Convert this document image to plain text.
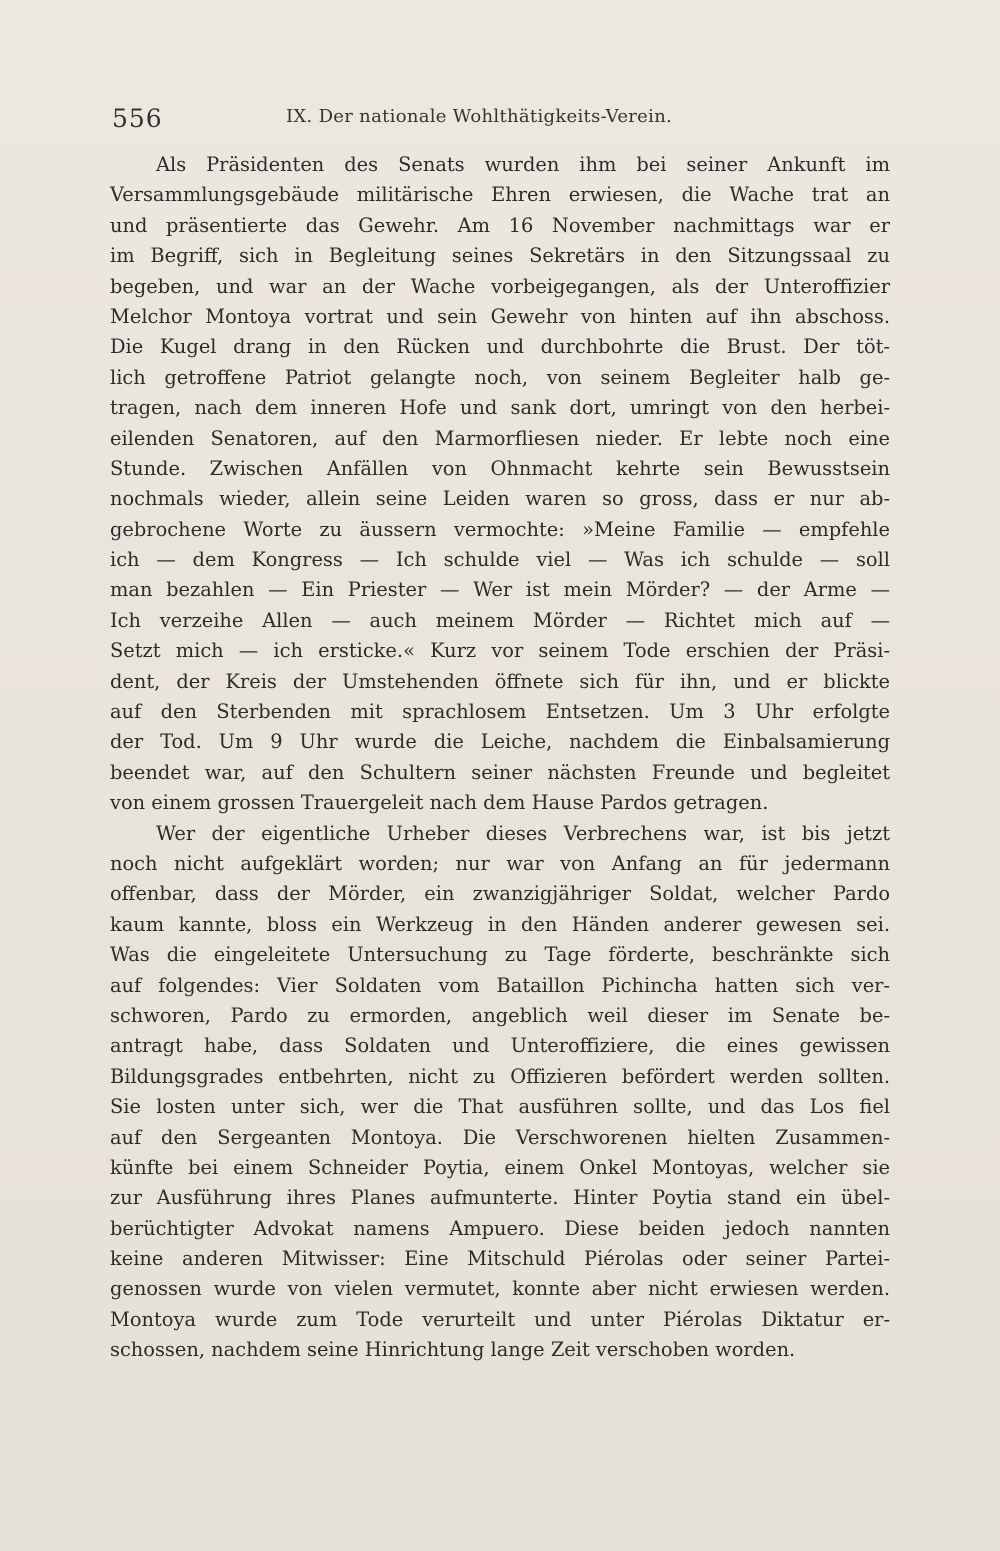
556	IX. Der nationale Wohlthätigkeits-Verein.
Als Präsidenten des Senats wurden ihm bei seiner Ankunft im
Versammlungsgebäude militärische Ehren erwiesen, die Wache trat an
und präsentierte das Gewehr. Am 16 November nachmittags war er
im Begriff, sich in Begleitung seines Sekretärs in den Sitzungssaal zu
begeben, und war an der Wache vorbeigegangen, als der Unteroffizier
Melchor Montoya vortrat und sein Gewehr von hinten auf ihn abschoss.
Die Kugel drang in den Rücken und durchbohrte die Brust. Der töt-
lich getroffene Patriot gelangte noch, von seinem Begleiter halb ge-
tragen, nach dem inneren Hofe und sank dort, umringt von den herbei-
eilenden Senatoren, auf den Marmorfliesen nieder. Er lebte noch eine
Stunde. Zwischen Anfällen von Ohnmacht kehrte sein Bewusstsein
nochmals wieder, allein seine Leiden waren so gross, dass er nur ab-
gebrochene Worte zu äussern vermochte: »Meine Familie — empfehle
ich — dem Kongress — Ich schulde viel — Was ich schulde — soll
man bezahlen — Ein Priester — Wer ist mein Mörder? — der Arme —
Ich verzeihe Allen — auch meinem Mörder — Richtet mich auf —
Setzt mich — ich ersticke.« Kurz vor seinem Tode erschien der Präsi-
dent, der Kreis der Umstehenden öffnete sich für ihn, und er blickte
auf den Sterbenden mit sprachlosem Entsetzen. Um 3 Uhr erfolgte
der Tod. Um 9 Uhr wurde die Leiche, nachdem die Einbalsamierung
beendet war, auf den Schultern seiner nächsten Freunde und begleitet
von einem grossen Trauergeleit nach dem Hause Pardos getragen.
Wer der eigentliche Urheber dieses Verbrechens war, ist bis jetzt
noch nicht aufgeklärt worden; nur war von Anfang an für jedermann
offenbar, dass der Mörder, ein zwanzigjähriger Soldat, welcher Pardo
kaum kannte, bloss ein Werkzeug in den Händen anderer gewesen sei.
Was die eingeleitete Untersuchung zu Tage förderte, beschränkte sich
auf folgendes: Vier Soldaten vom Bataillon Pichincha hatten sich ver-
schworen, Pardo zu ermorden, angeblich weil dieser im Senate be-
antragt habe, dass Soldaten und Unteroffiziere, die eines gewissen
Bildungsgrades entbehrten, nicht zu Offizieren befördert werden sollten.
Sie losten unter sich, wer die That ausführen sollte, und das Los fiel
auf den Sergeanten Montoya. Die Verschworenen hielten Zusammen-
künfte bei einem Schneider Poytia, einem Onkel Montoyas, welcher sie
zur Ausführung ihres Planes aufmunterte. Hinter Poytia stand ein übel-
berüchtigter Advokat namens Ampuero. Diese beiden jedoch nannten
keine anderen Mitwisser: Eine Mitschuld Piérolas oder seiner Partei-
genossen wurde von vielen vermutet, konnte aber nicht erwiesen werden.
Montoya wurde zum Tode verurteilt und unter Piérolas Diktatur er-
schossen, nachdem seine Hinrichtung lange Zeit verschoben worden.
